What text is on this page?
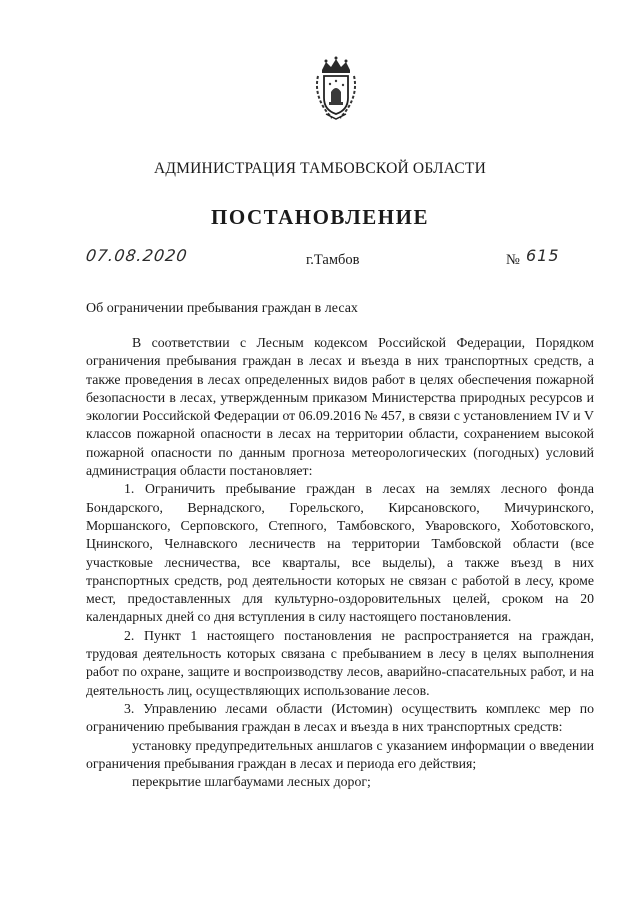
АДМИНИСТРАЦИЯ ТАМБОВСКОЙ ОБЛАСТИ
ПОСТАНОВЛЕНИЕ
07.08.2020	г.Тамбов	№ 615
Об ограничении пребывания граждан в лесах

В соответствии с Лесным кодексом Российской Федерации, Порядком ограничения пребывания граждан в лесах и въезда в них транспортных средств, а также проведения в лесах определенных видов работ в целях обеспечения пожарной безопасности в лесах, утвержденным приказом Министерства природных ресурсов и экологии Российской Федерации от 06.09.2016 № 457, в связи с установлением IV и V классов пожарной опасности в лесах на территории области, сохранением высокой пожарной опасности по данным прогноза метеорологических (погодных) условий администрация области постановляет:

1. Ограничить пребывание граждан в лесах на землях лесного фонда Бондарского, Вернадского, Горельского, Кирсановского, Мичуринского, Моршанского, Серповского, Степного, Тамбовского, Уваровского, Хоботовского, Цнинского, Челнавского лесничеств на территории Тамбовской области (все участковые лесничества, все кварталы, все выделы), а также въезд в них транспортных средств, род деятельности которых не связан с работой в лесу, кроме мест, предоставленных для культурно-оздоровительных целей, сроком на 20 календарных дней со дня вступления в силу настоящего постановления.

2. Пункт 1 настоящего постановления не распространяется на граждан, трудовая деятельность которых связана с пребыванием в лесу в целях выполнения работ по охране, защите и воспроизводству лесов, аварийно-спасательных работ, и на деятельность лиц, осуществляющих использование лесов.

3. Управлению лесами области (Истомин) осуществить комплекс мер по ограничению пребывания граждан в лесах и въезда в них транспортных средств:

установку предупредительных аншлагов с указанием информации о введении ограничения пребывания граждан в лесах и периода его действия;

перекрытие шлагбаумами лесных дорог;
